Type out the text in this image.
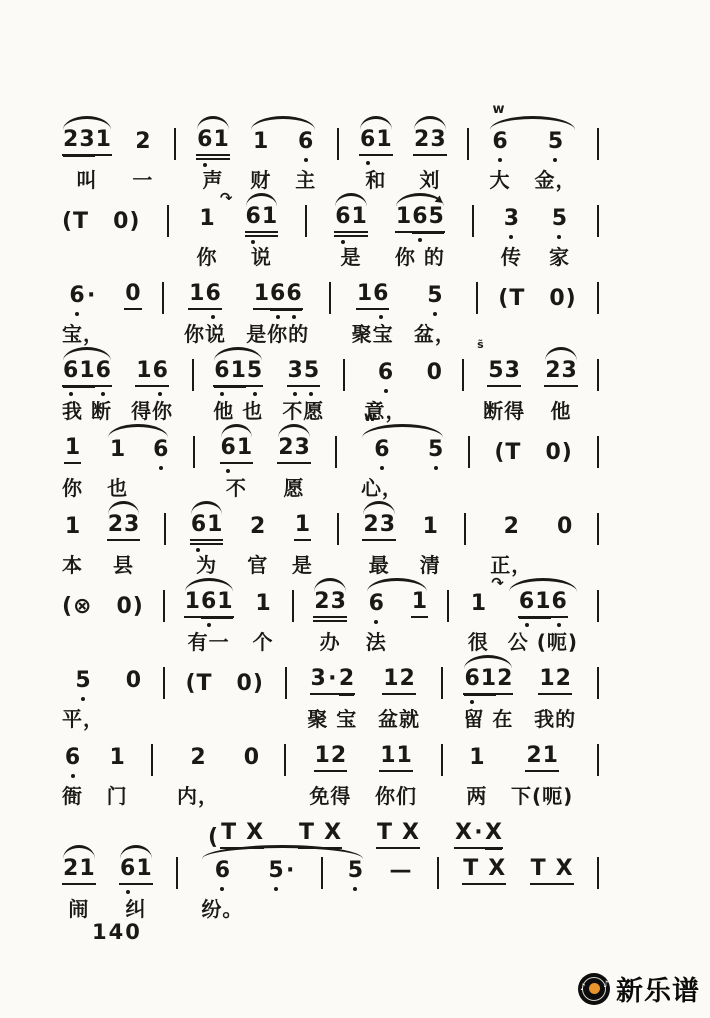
2 3 1
叫
2
一
6 1
声
1
财
6
主
6 1
和
2 3
刘
6
大
5
金，
w
(T 0)
↷
1
你
6 1
说
6 1
是
1 6 5
你 的
3
传
5
家
6 ·
宝，
0 1 6
你说
1 6 6
是你的
1 6
聚宝
5
盆，
(T 0)
6 1 6
我 断
1 6
得你
6 1 5
他 也
3 5
不愿
6
意，
0
s̃
5 3
断得
2 3
他
1
你
1
也
6 6 1
不
2 3
愿
6
心，
5
w (T 0)
1
本
2 3
县
6 1
为
2
官
1
是
2 3
最
1
清
2
正，
0
(⊗ 0) 1 6 1
有一
1
个
2 3
办
6
法
1
↷
1
很
6 1 6
公 (呃)
5
平，
0 (T 0) 3 · 2
聚 宝
1 2
盆就
6 1 2
留 在
1 2
我的
6
衙
1
门
2
内，
0	1 2
免得
1 1
你们
1
两
2 1
下(呃)
( T X T X T X X · X
2 1
闹
6 1
纠
6
纷。
5 · 5 — T X T X
140
♪ ♪ 新乐谱
